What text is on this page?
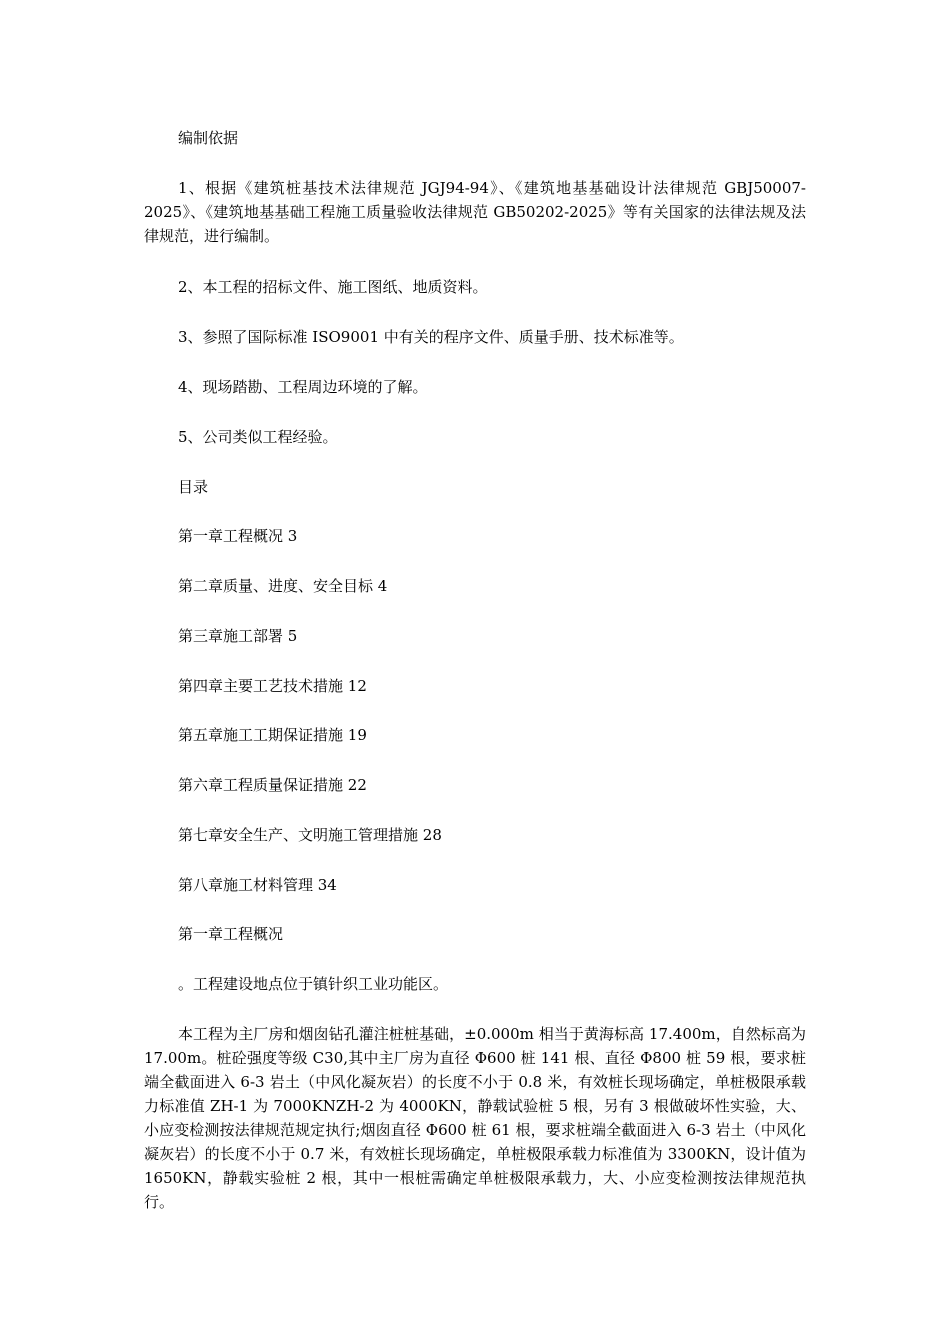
编制依据

1、根据《建筑桩基技术法律规范 JGJ94-94》、《建筑地基基础设计法律规范 GBJ50007-2025》、《建筑地基基础工程施工质量验收法律规范 GB50202-2025》等有关国家的法律法规及法律规范，进行编制。

2、本工程的招标文件、施工图纸、地质资料。

3、参照了国际标准 ISO9001 中有关的程序文件、质量手册、技术标准等。

4、现场踏勘、工程周边环境的了解。

5、公司类似工程经验。

目录

第一章工程概况 3

第二章质量、进度、安全目标 4

第三章施工部署 5

第四章主要工艺技术措施 12

第五章施工工期保证措施 19

第六章工程质量保证措施 22

第七章安全生产、文明施工管理措施 28

第八章施工材料管理 34

第一章工程概况

。工程建设地点位于镇针织工业功能区。

本工程为主厂房和烟囱钻孔灌注桩桩基础，±0.000m 相当于黄海标高 17.400m，自然标高为 17.00m。桩砼强度等级 C30,其中主厂房为直径 Φ600 桩 141 根、直径 Φ800 桩 59 根，要求桩端全截面进入 6-3 岩土（中风化凝灰岩）的长度不小于 0.8 米，有效桩长现场确定，单桩极限承载力标准值 ZH-1 为 7000KNZH-2 为 4000KN，静载试验桩 5 根，另有 3 根做破坏性实验，大、小应变检测按法律规范规定执行;烟囱直径 Φ600 桩 61 根，要求桩端全截面进入 6-3 岩土（中风化凝灰岩）的长度不小于 0.7 米，有效桩长现场确定，单桩极限承载力标准值为 3300KN，设计值为 1650KN，静载实验桩 2 根，其中一根桩需确定单桩极限承载力，大、小应变检测按法律规范执行。
